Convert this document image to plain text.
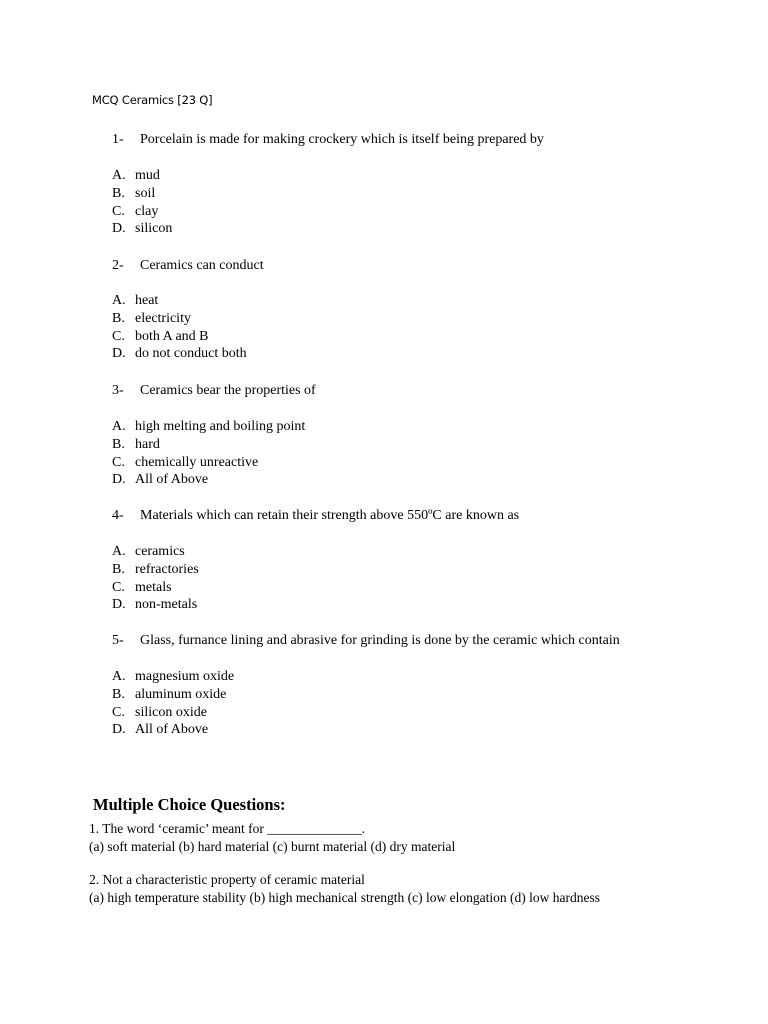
MCQ Ceramics [23 Q]
1- Porcelain is made for making crockery which is itself being prepared by
A. mud
B. soil
C. clay
D. silicon
2- Ceramics can conduct
A. heat
B. electricity
C. both A and B
D. do not conduct both
3- Ceramics bear the properties of
A. high melting and boiling point
B. hard
C. chemically unreactive
D. All of Above
4- Materials which can retain their strength above 550ºC are known as
A. ceramics
B. refractories
C. metals
D. non-metals
5- Glass, furnance lining and abrasive for grinding is done by the ceramic which contain
A. magnesium oxide
B. aluminum oxide
C. silicon oxide
D. All of Above
Multiple Choice Questions:
1. The word ‘ceramic’ meant for ______________.
(a) soft material (b) hard material (c) burnt material (d) dry material
2. Not a characteristic property of ceramic material
(a) high temperature stability (b) high mechanical strength (c) low elongation (d) low hardness
